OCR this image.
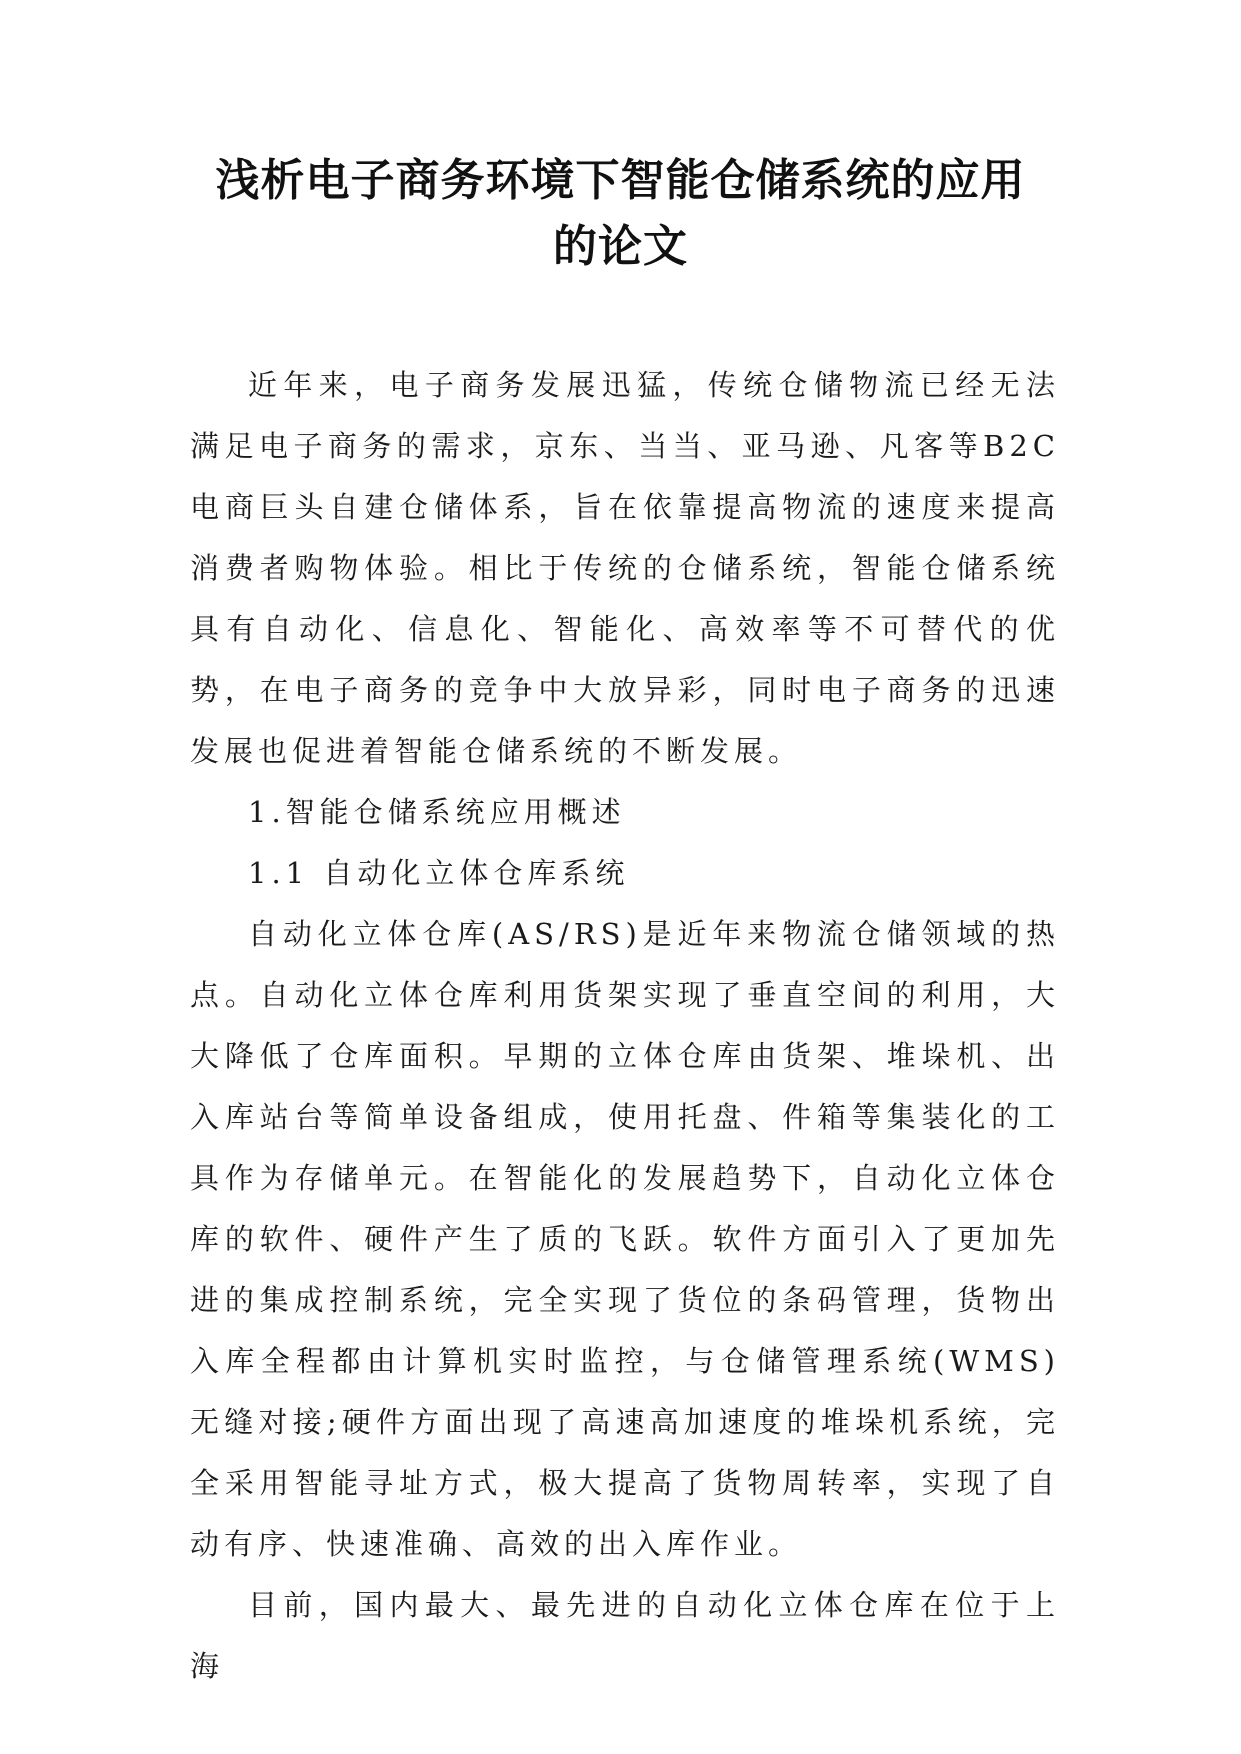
浅析电子商务环境下智能仓储系统的应用
的论文

近年来，电子商务发展迅猛，传统仓储物流已经无法满足电子商务的需求，京东、当当、亚马逊、凡客等B2C电商巨头自建仓储体系，旨在依靠提高物流的速度来提高消费者购物体验。相比于传统的仓储系统，智能仓储系统具有自动化、信息化、智能化、高效率等不可替代的优势，在电子商务的竞争中大放异彩，同时电子商务的迅速发展也促进着智能仓储系统的不断发展。

1.智能仓储系统应用概述

1.1 自动化立体仓库系统

自动化立体仓库(AS/RS)是近年来物流仓储领域的热点。自动化立体仓库利用货架实现了垂直空间的利用，大大降低了仓库面积。早期的立体仓库由货架、堆垛机、出入库站台等简单设备组成，使用托盘、件箱等集装化的工具作为存储单元。在智能化的发展趋势下，自动化立体仓库的软件、硬件产生了质的飞跃。软件方面引入了更加先进的集成控制系统，完全实现了货位的条码管理，货物出入库全程都由计算机实时监控，与仓储管理系统(WMS)无缝对接;硬件方面出现了高速高加速度的堆垛机系统，完全采用智能寻址方式，极大提高了货物周转率，实现了自动有序、快速准确、高效的出入库作业。

目前，国内最大、最先进的自动化立体仓库在位于上海
